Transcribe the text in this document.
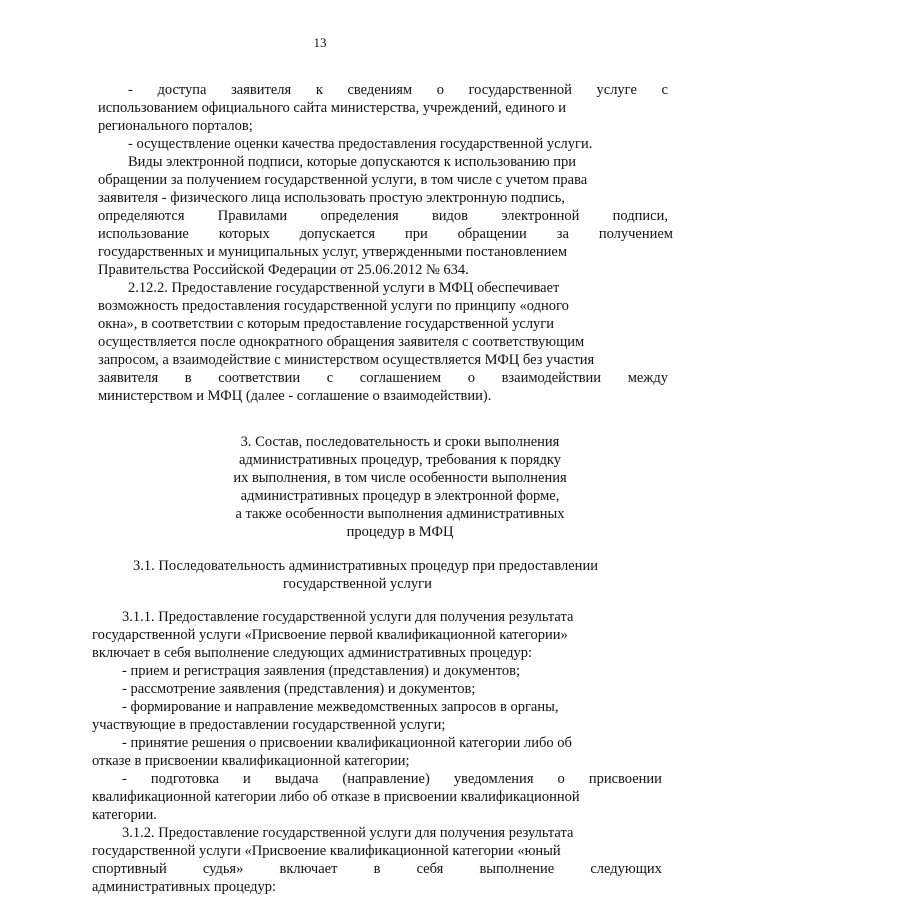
13
- доступа заявителя к сведениям о государственной услуге с
использованием официального сайта министерства, учреждений, единого и
регионального порталов;
- осуществление оценки качества предоставления государственной услуги.
Виды электронной подписи, которые допускаются к использованию при
обращении за получением государственной услуги, в том числе с учетом права
заявителя - физического лица использовать простую электронную подпись,
определяются Правилами определения видов электронной подписи,
использование которых допускается при обращении за получением
государственных и муниципальных услуг, утвержденными постановлением
Правительства Российской Федерации от 25.06.2012 № 634.
2.12.2. Предоставление государственной услуги в МФЦ обеспечивает
возможность предоставления государственной услуги по принципу «одного
окна», в соответствии с которым предоставление государственной услуги
осуществляется после однократного обращения заявителя с соответствующим
запросом, а взаимодействие с министерством осуществляется МФЦ без участия
заявителя в соответствии с соглашением о взаимодействии между
министерством и МФЦ (далее - соглашение о взаимодействии).
3. Состав, последовательность и сроки выполнения
административных процедур, требования к порядку
их выполнения, в том числе особенности выполнения
административных процедур в электронной форме,
а также особенности выполнения административных
процедур в МФЦ
3.1. Последовательность административных процедур при предоставлении
государственной услуги
3.1.1. Предоставление государственной услуги для получения результата
государственной услуги «Присвоение первой квалификационной категории»
включает в себя выполнение следующих административных процедур:
- прием и регистрация заявления (представления) и документов;
- рассмотрение заявления (представления) и документов;
- формирование и направление межведомственных запросов в органы,
участвующие в предоставлении государственной услуги;
- принятие решения о присвоении квалификационной категории либо об
отказе в присвоении квалификационной категории;
- подготовка и выдача (направление) уведомления о присвоении
квалификационной категории либо об отказе в присвоении квалификационной
категории.
3.1.2. Предоставление государственной услуги для получения результата
государственной услуги «Присвоение квалификационной категории «юный
спортивный судья» включает в себя выполнение следующих
административных процедур:
